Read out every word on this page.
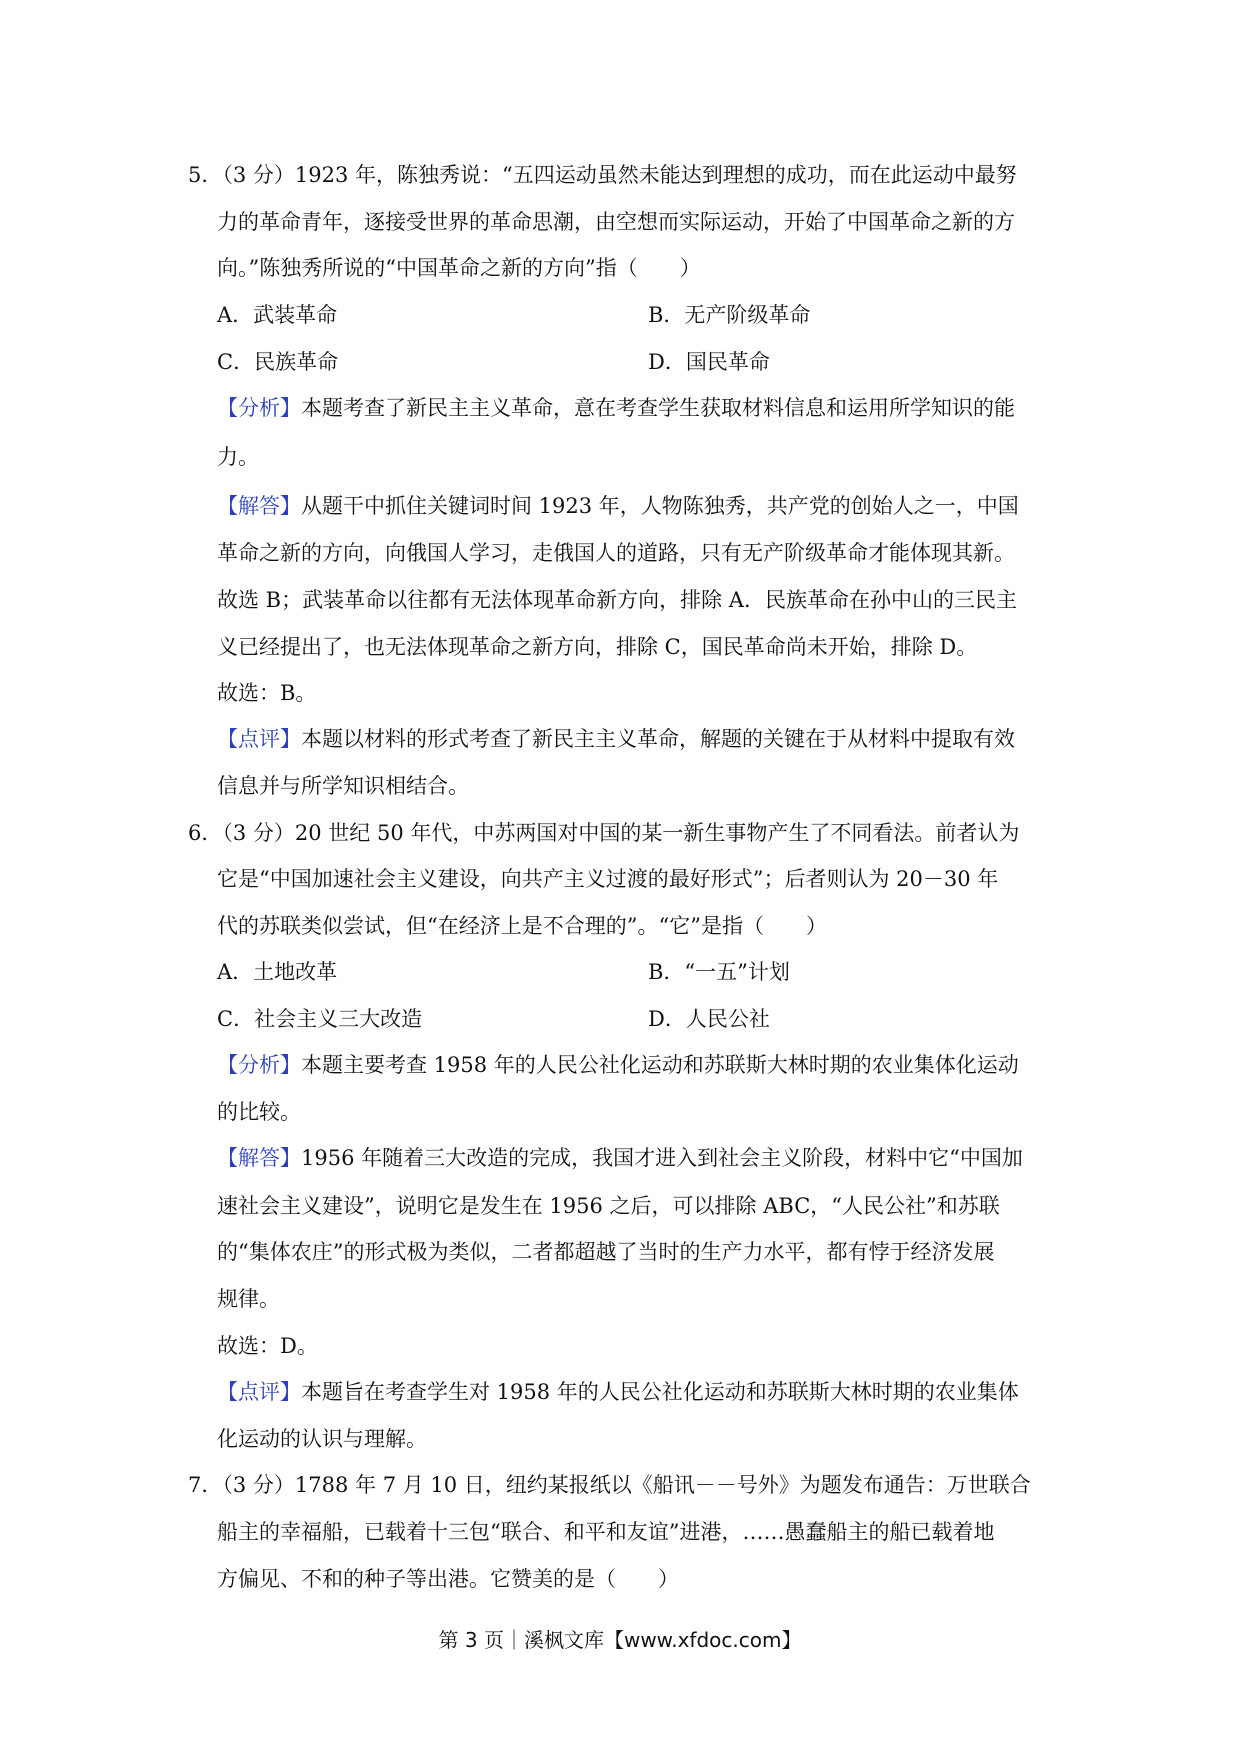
5．（3 分）1923 年，陈独秀说：“五四运动虽然未能达到理想的成功，而在此运动中最努
力的革命青年，逐接受世界的革命思潮，由空想而实际运动，开始了中国革命之新的方
向。”陈独秀所说的“中国革命之新的方向”指（　　）
A．武装革命	B．无产阶级革命
C．民族革命	D．国民革命
【分析】本题考查了新民主主义革命，意在考查学生获取材料信息和运用所学知识的能
力。
【解答】从题干中抓住关键词时间 1923 年，人物陈独秀，共产党的创始人之一，中国
革命之新的方向，向俄国人学习，走俄国人的道路，只有无产阶级革命才能体现其新。
故选 B；武装革命以往都有无法体现革命新方向，排除 A．民族革命在孙中山的三民主
义已经提出了，也无法体现革命之新方向，排除 C，国民革命尚未开始，排除 D。
故选：B。
【点评】本题以材料的形式考查了新民主主义革命，解题的关键在于从材料中提取有效
信息并与所学知识相结合。
6．（3 分）20 世纪 50 年代，中苏两国对中国的某一新生事物产生了不同看法。前者认为
它是“中国加速社会主义建设，向共产主义过渡的最好形式”；后者则认为 20－30 年
代的苏联类似尝试，但“在经济上是不合理的”。“它”是指（　　）
A．土地改革	B．“一五”计划
C．社会主义三大改造	D．人民公社
【分析】本题主要考查 1958 年的人民公社化运动和苏联斯大林时期的农业集体化运动
的比较。
【解答】1956 年随着三大改造的完成，我国才进入到社会主义阶段，材料中它“中国加
速社会主义建设”，说明它是发生在 1956 之后，可以排除 ABC，“人民公社”和苏联
的“集体农庄”的形式极为类似，二者都超越了当时的生产力水平，都有悖于经济发展
规律。
故选：D。
【点评】本题旨在考查学生对 1958 年的人民公社化运动和苏联斯大林时期的农业集体
化运动的认识与理解。
7．（3 分）1788 年 7 月 10 日，纽约某报纸以《船讯－－号外》为题发布通告：万世联合
船主的幸福船，已载着十三包“联合、和平和友谊”进港，……愚蠢船主的船已载着地
方偏见、不和的种子等出港。它赞美的是（　　）
第 3 页｜溪枫文库【www.xfdoc.com】
